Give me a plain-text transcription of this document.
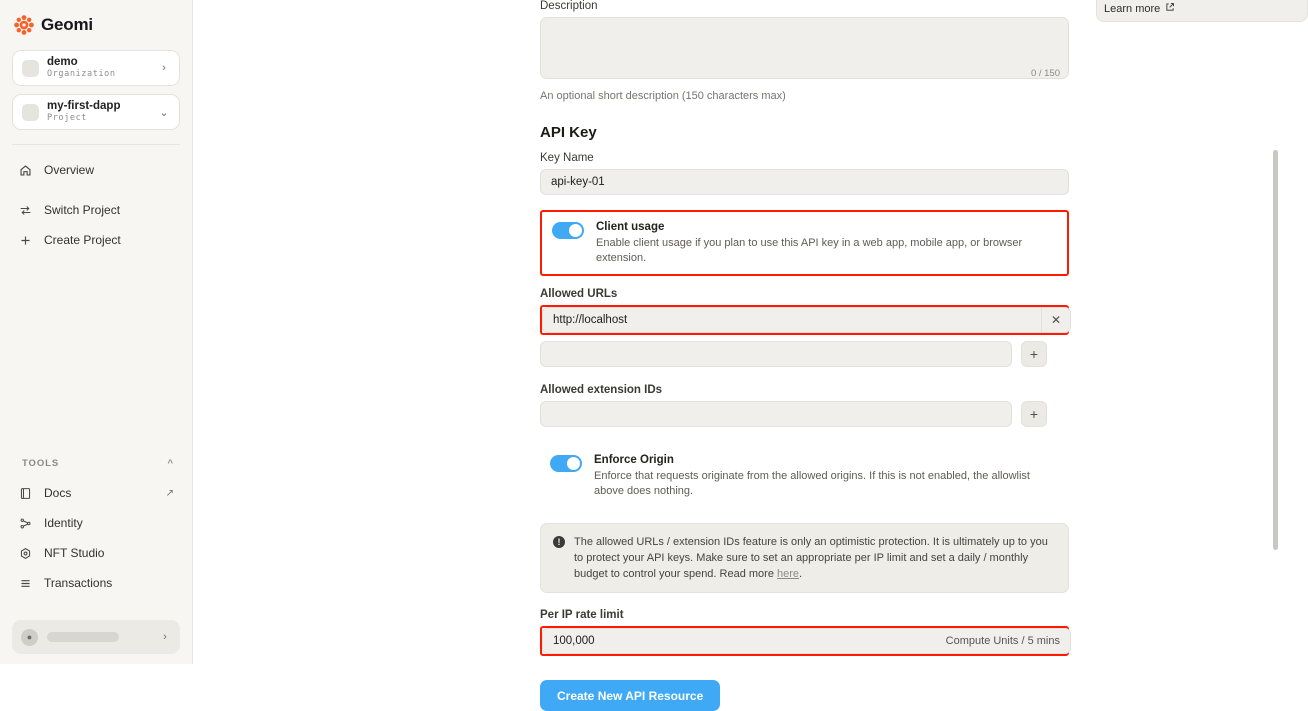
Geomi
demo
Organization	›
my-first-dapp
Project	⌄
Overview
Switch Project
Create Project
TOOLS	^
Docs	↗
Identity
NFT Studio
Transactions
●	›
Learn more
Description
0 / 150
An optional short description (150 characters max)
API Key
Key Name
api-key-01
Client usage
Enable client usage if you plan to use this API key in a web app, mobile app, or browser extension.
Allowed URLs
http://localhost
✕
+
Allowed extension IDs
+
Enforce Origin
Enforce that requests originate from the allowed origins. If this is not enabled, the allowlist above does nothing.
!	The allowed URLs / extension IDs feature is only an optimistic protection. It is ultimately up to you to protect your API keys. Make sure to set an appropriate per IP limit and set a daily / monthly budget to control your spend. Read more here.
Per IP rate limit
100,000	Compute Units / 5 mins
Create New API Resource
